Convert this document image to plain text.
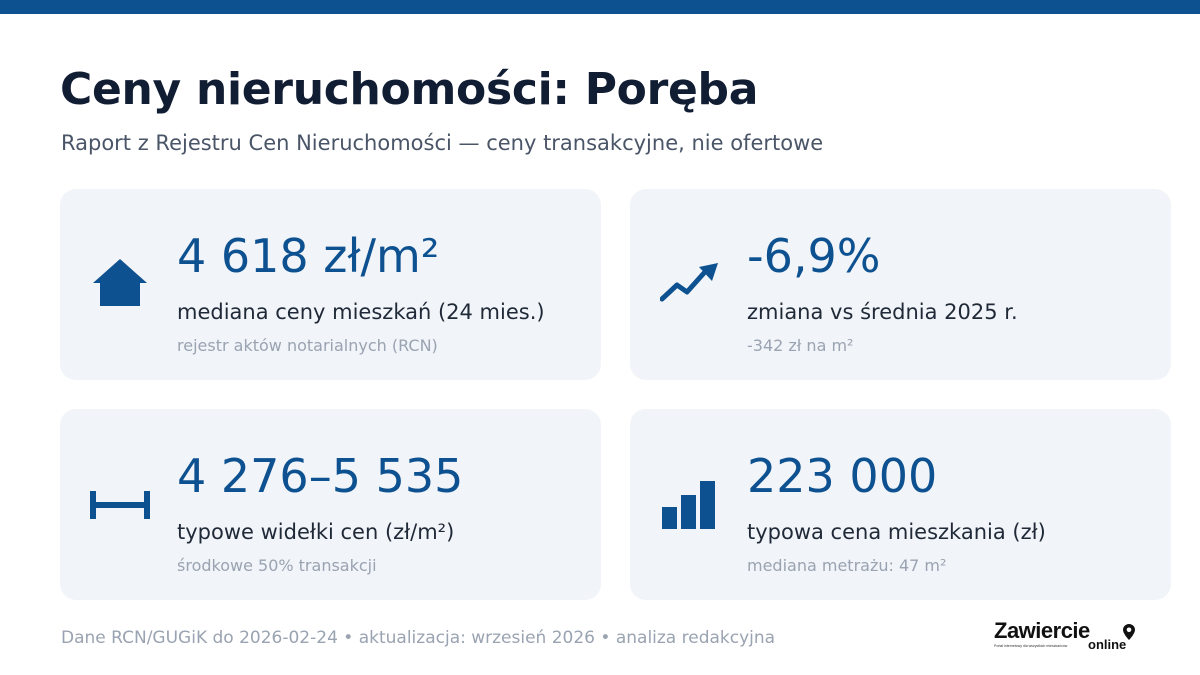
Ceny nieruchomości: Poręba
Raport z Rejestru Cen Nieruchomości — ceny transakcyjne, nie ofertowe
4 618 zł/m²
mediana ceny mieszkań (24 mies.)
rejestr aktów notarialnych (RCN)
-6,9%
zmiana vs średnia 2025 r.
-342 zł na m²
4 276–5 535
typowe widełki cen (zł/m²)
środkowe 50% transakcji
223 000
typowa cena mieszkania (zł)
mediana metrażu: 47 m²
Dane RCN/GUGiK do 2026-02-24 • aktualizacja: wrzesień 2026 • analiza redakcyjna	Zawiercie
online
Portal internetowy dla wszystkich mieszkańców
